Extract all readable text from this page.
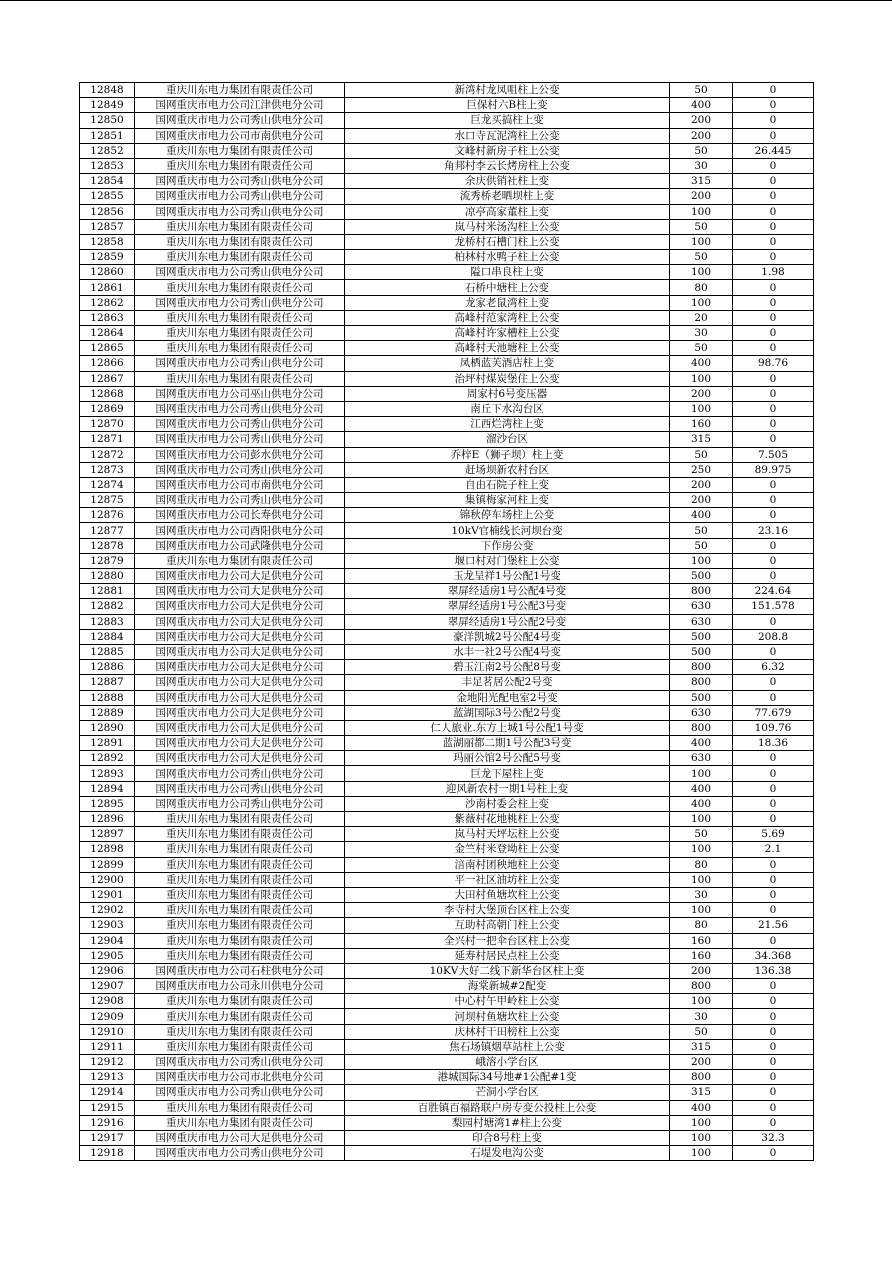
12848	重庆川东电力集团有限责任公司	新湾村龙凤咀柱上公变	50	0
12849	国网重庆市电力公司江津供电分公司	巨保村六B柱上变	400	0
12850	国网重庆市电力公司秀山供电分公司	巨龙买搞柱上变	200	0
12851	国网重庆市电力公司市南供电分公司	水口寺瓦泥湾柱上公变	200	0
12852	重庆川东电力集团有限责任公司	文峰村新房子柱上公变	50	26.445
12853	重庆川东电力集团有限责任公司	角邦村李云长烤房柱上公变	30	0
12854	国网重庆市电力公司秀山供电分公司	余庆供销社柱上变	315	0
12855	国网重庆市电力公司秀山供电分公司	流秀桥老晒坝柱上变	200	0
12856	国网重庆市电力公司秀山供电分公司	凉亭高家董柱上变	100	0
12857	重庆川东电力集团有限责任公司	岚马村米汤沟柱上公变	50	0
12858	重庆川东电力集团有限责任公司	龙桥村石槽门柱上公变	100	0
12859	重庆川东电力集团有限责任公司	柏林村水鸭子柱上公变	50	0
12860	国网重庆市电力公司秀山供电分公司	隘口串良柱上变	100	1.98
12861	重庆川东电力集团有限责任公司	石桥中塘柱上公变	80	0
12862	国网重庆市电力公司秀山供电分公司	龙家老鼠湾柱上变	100	0
12863	重庆川东电力集团有限责任公司	高峰村范家湾柱上公变	20	0
12864	重庆川东电力集团有限责任公司	高峰村许家槽柱上公变	30	0
12865	重庆川东电力集团有限责任公司	高峰村天池塘柱上公变	50	0
12866	国网重庆市电力公司秀山供电分公司	凤栖蓝芙酒店柱上变	400	98.76
12867	重庆川东电力集团有限责任公司	治坪村煤炭堡住上公变	100	0
12868	国网重庆市电力公司巫山供电分公司	周家村6号变压器	200	0
12869	国网重庆市电力公司秀山供电分公司	南丘下水沟台区	100	0
12870	国网重庆市电力公司秀山供电分公司	江西烂湾柱上变	160	0
12871	国网重庆市电力公司秀山供电分公司	溜沙台区	315	0
12872	国网重庆市电力公司彭水供电分公司	乔梓E（狮子坝）柱上变	50	7.505
12873	国网重庆市电力公司秀山供电分公司	赶场坝新农村台区	250	89.975
12874	国网重庆市电力公司市南供电分公司	自由石院子柱上变	200	0
12875	国网重庆市电力公司秀山供电分公司	集镇梅家河柱上变	200	0
12876	国网重庆市电力公司长寿供电分公司	锦秋停车场柱上公变	400	0
12877	国网重庆市电力公司酉阳供电分公司	10kV官楠线长河坝台变	50	23.16
12878	国网重庆市电力公司武隆供电分公司	下作房公变	50	0
12879	重庆川东电力集团有限责任公司	堰口村对门堡柱上公变	100	0
12880	国网重庆市电力公司大足供电分公司	玉龙呈祥1号公配1号变	500	0
12881	国网重庆市电力公司大足供电分公司	翠屏经适房1号公配4号变	800	224.64
12882	国网重庆市电力公司大足供电分公司	翠屏经适房1号公配3号变	630	151.578
12883	国网重庆市电力公司大足供电分公司	翠屏经适房1号公配2号变	630	0
12884	国网重庆市电力公司大足供电分公司	豪洋凯城2号公配4号变	500	208.8
12885	国网重庆市电力公司大足供电分公司	水丰一社2号公配4号变	500	0
12886	国网重庆市电力公司大足供电分公司	碧玉江南2号公配8号变	800	6.32
12887	国网重庆市电力公司大足供电分公司	丰足茗居公配2号变	800	0
12888	国网重庆市电力公司大足供电分公司	金地阳光配电室2号变	500	0
12889	国网重庆市电力公司大足供电分公司	蓝湖国际3号公配2号变	630	77.679
12890	国网重庆市电力公司大足供电分公司	仁人旅业.东方上城1号公配1号变	800	109.76
12891	国网重庆市电力公司大足供电分公司	蓝湖丽都二期1号公配3号变	400	18.36
12892	国网重庆市电力公司大足供电分公司	玛丽公馆2号公配5号变	630	0
12893	国网重庆市电力公司秀山供电分公司	巨龙下屋柱上变	100	0
12894	国网重庆市电力公司秀山供电分公司	迎风新农村一期1号柱上变	400	0
12895	国网重庆市电力公司秀山供电分公司	沙南村委会柱上变	400	0
12896	重庆川东电力集团有限责任公司	紫薇村花地桃柱上公变	100	0
12897	重庆川东电力集团有限责任公司	岚马村天坪坛柱上公变	50	5.69
12898	重庆川东电力集团有限责任公司	金竺村米登坳柱上公变	100	2.1
12899	重庆川东电力集团有限责任公司	涪南村团秧地柱上公变	80	0
12900	重庆川东电力集团有限责任公司	平一社区油坊柱上公变	100	0
12901	重庆川东电力集团有限责任公司	大田村鱼塘坎柱上公变	30	0
12902	重庆川东电力集团有限责任公司	李寺村大堡顶台区柱上公变	100	0
12903	重庆川东电力集团有限责任公司	互助村高朝门柱上公变	80	21.56
12904	重庆川东电力集团有限责任公司	全兴村一把伞台区柱上公变	160	0
12905	重庆川东电力集团有限责任公司	延寿村居民点柱上公变	160	34.368
12906	国网重庆市电力公司石柱供电分公司	10KV大好二线下新华台区柱上变	200	136.38
12907	国网重庆市电力公司永川供电分公司	海棠新城#2配变	800	0
12908	重庆川东电力集团有限责任公司	中心村午甲岭柱上公变	100	0
12909	重庆川东电力集团有限责任公司	河坝村鱼塘坎柱上公变	30	0
12910	重庆川东电力集团有限责任公司	庆林村干田榜柱上公变	50	0
12911	重庆川东电力集团有限责任公司	焦石场镇烟草站柱上公变	315	0
12912	国网重庆市电力公司秀山供电分公司	峨溶小学台区	200	0
12913	国网重庆市电力公司市北供电分公司	港城国际34号地#1公配#1变	800	0
12914	国网重庆市电力公司秀山供电分公司	芒洞小学台区	315	0
12915	重庆川东电力集团有限责任公司	百胜镇百福路联户房专变公投柱上公变	400	0
12916	重庆川东电力集团有限责任公司	梨园村塘湾1#柱上公变	100	0
12917	国网重庆市电力公司大足供电分公司	印合8号柱上变	100	32.3
12918	国网重庆市电力公司秀山供电分公司	石堤发电沟公变	100	0
